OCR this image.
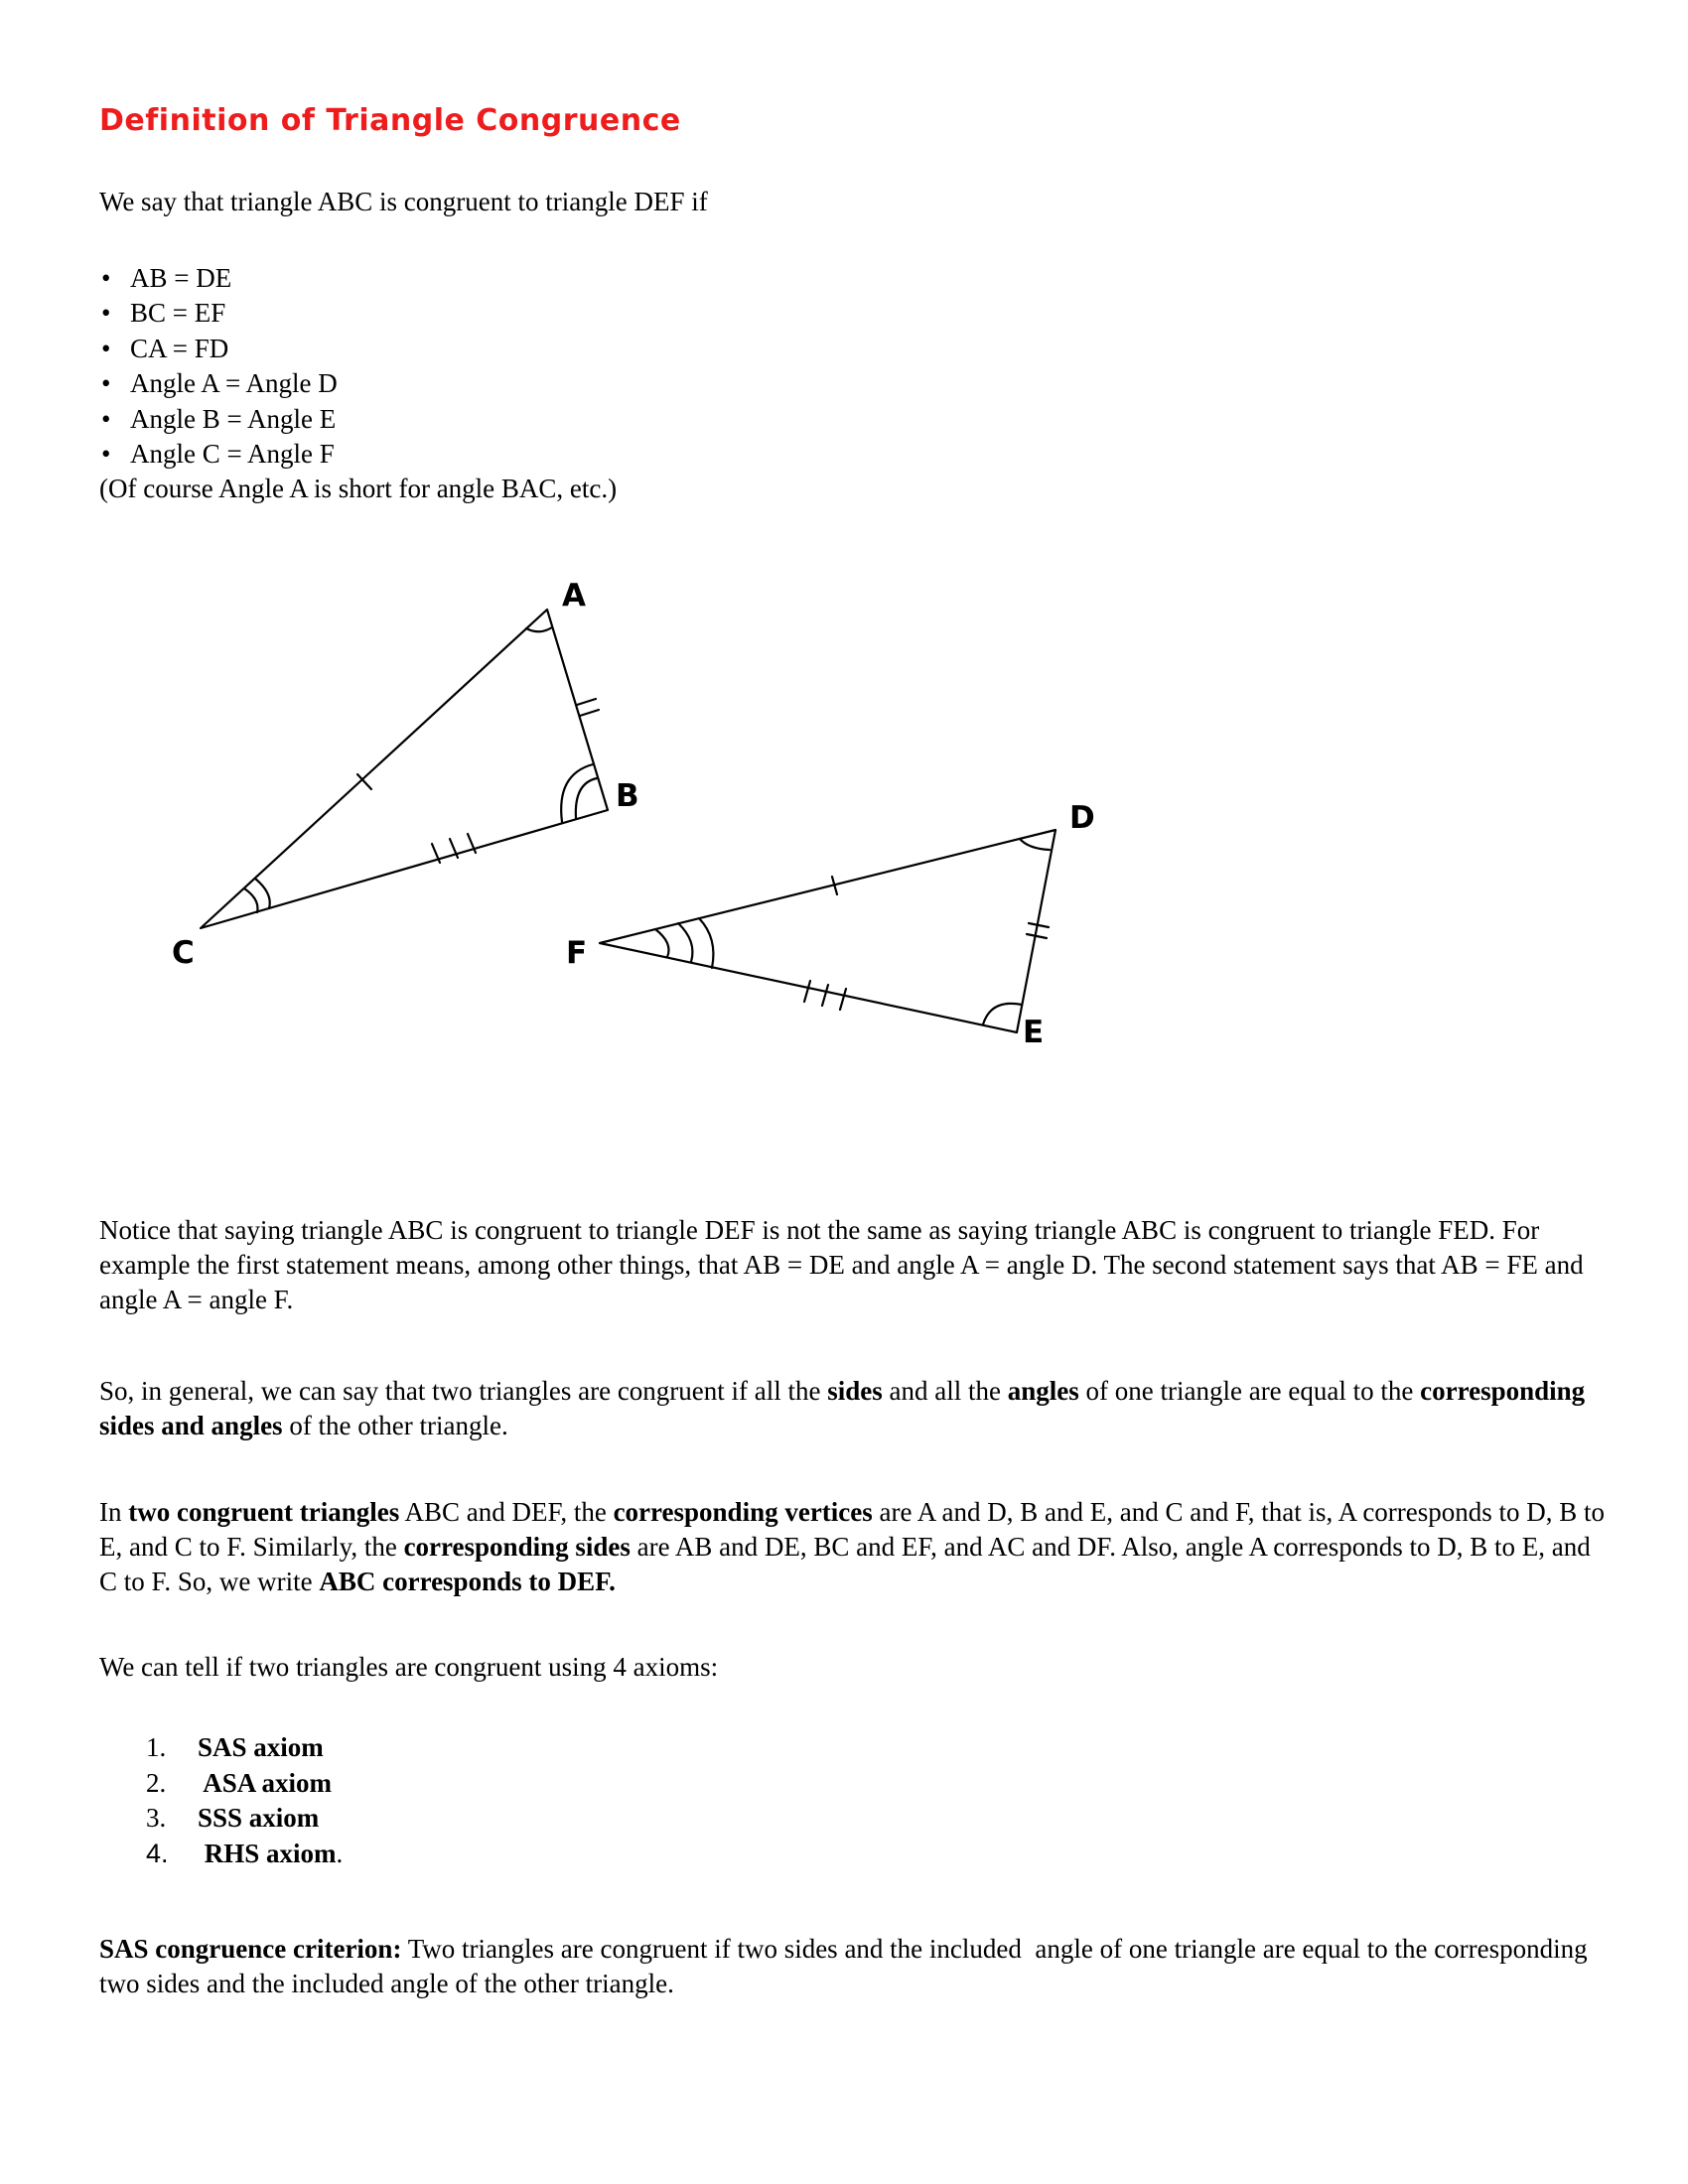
Definition of Triangle Congruence
We say that triangle ABC is congruent to triangle DEF if
• AB = DE
• BC = EF
• CA = FD
• Angle A = Angle D
• Angle B = Angle E
• Angle C = Angle F
(Of course Angle A is short for angle BAC, etc.)
A
B
C
D
E
F
Notice that saying triangle ABC is congruent to triangle DEF is not the same as saying triangle ABC is congruent to triangle FED. For example the first statement means, among other things, that AB = DE and angle A = angle D. The second statement says that AB = FE and angle A = angle F.
So, in general, we can say that two triangles are congruent if all the sides and all the angles of one triangle are equal to the corresponding sides and angles of the other triangle.
In two congruent triangles ABC and DEF, the corresponding vertices are A and D, B and E, and C and F, that is, A corresponds to D, B to E, and C to F. Similarly, the corresponding sides are AB and DE, BC and EF, and AC and DF. Also, angle A corresponds to D, B to E, and C to F. So, we write ABC corresponds to DEF.
We can tell if two triangles are congruent using 4 axioms:
1. SAS axiom
2. ASA axiom
3. SSS axiom
4. RHS axiom.
SAS congruence criterion: Two triangles are congruent if two sides and the included  angle of one triangle are equal to the corresponding two sides and the included angle of the other triangle.
